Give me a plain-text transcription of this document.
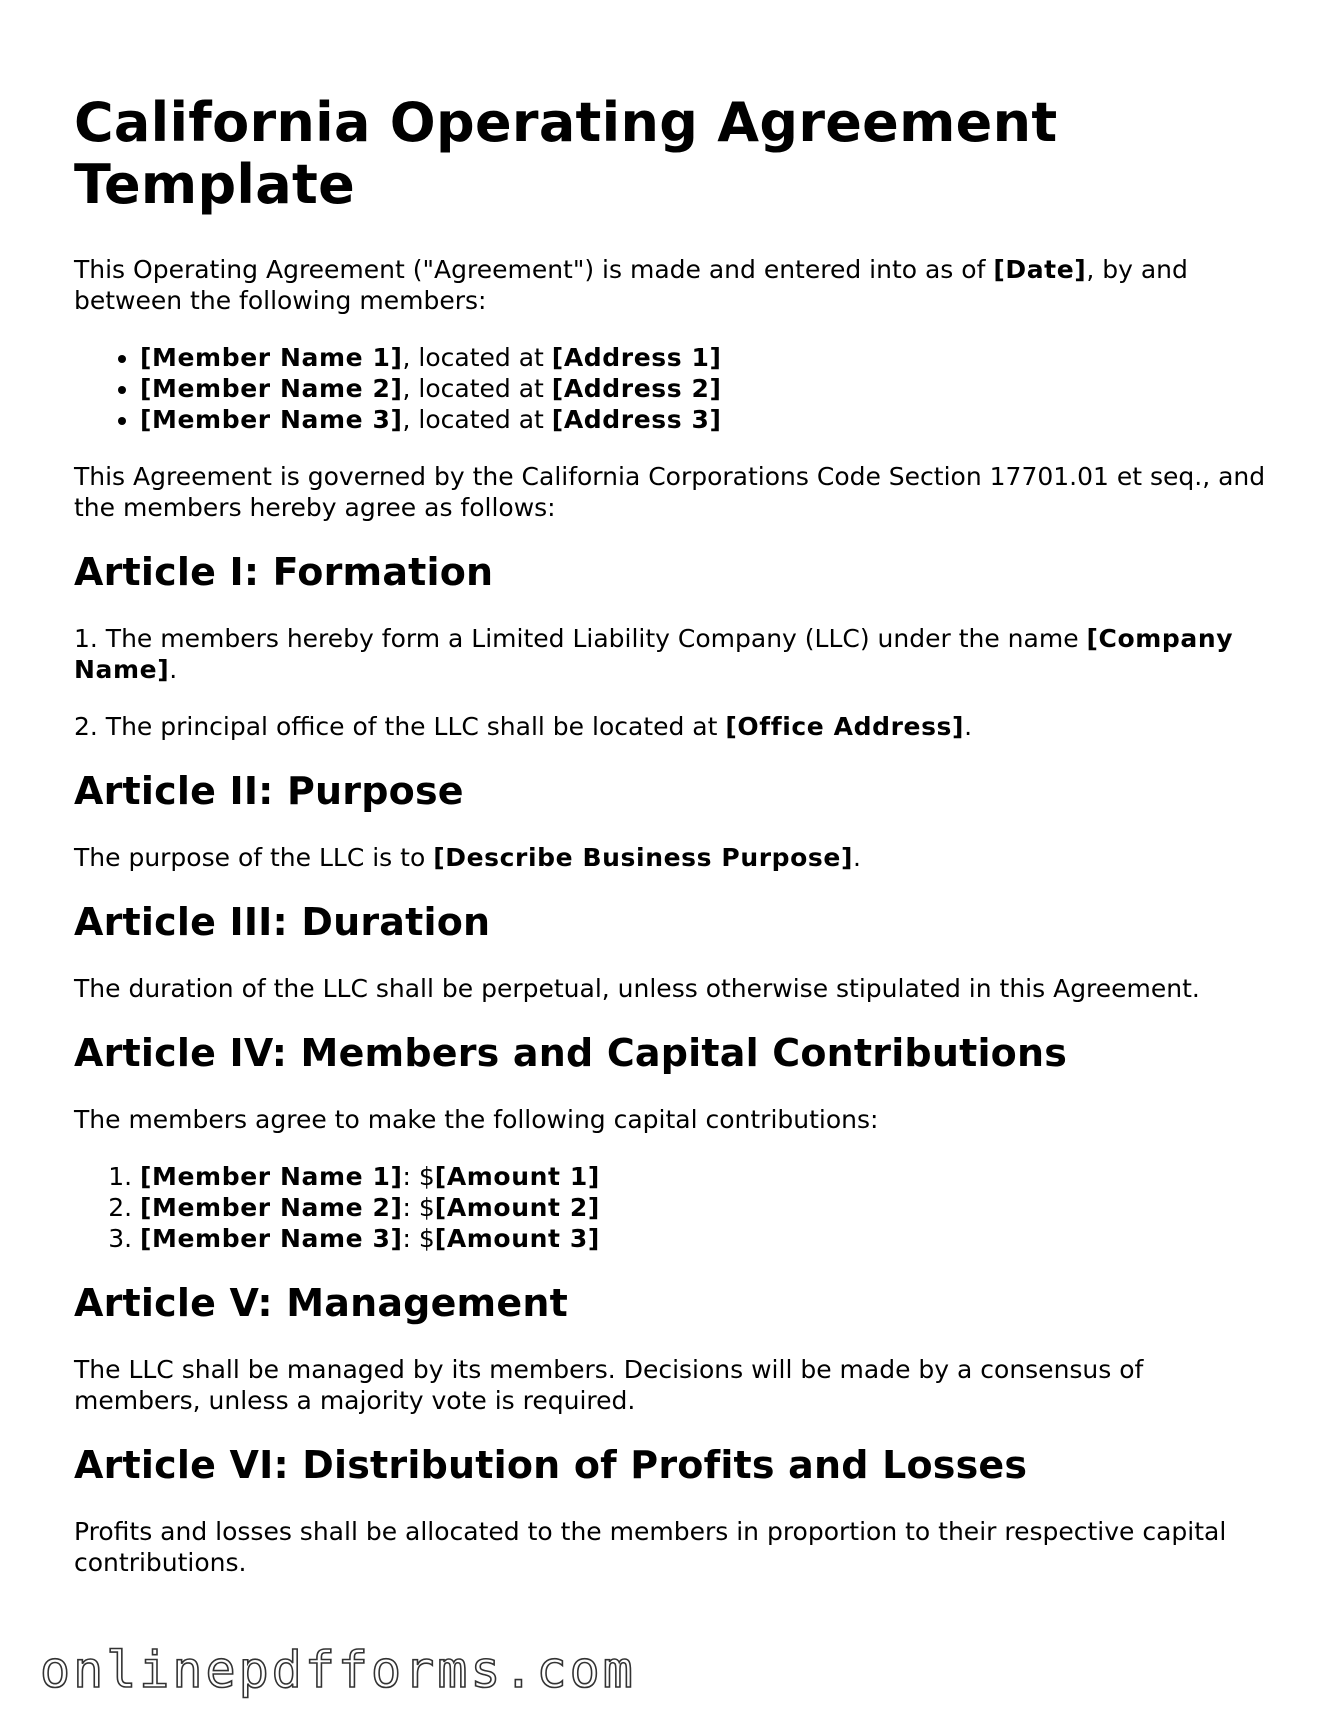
California Operating Agreement Template

This Operating Agreement ("Agreement") is made and entered into as of [Date], by and between the following members:

• [Member Name 1], located at [Address 1]
• [Member Name 2], located at [Address 2]
• [Member Name 3], located at [Address 3]

This Agreement is governed by the California Corporations Code Section 17701.01 et seq., and the members hereby agree as follows:

Article I: Formation

1. The members hereby form a Limited Liability Company (LLC) under the name [Company Name].

2. The principal office of the LLC shall be located at [Office Address].

Article II: Purpose

The purpose of the LLC is to [Describe Business Purpose].

Article III: Duration

The duration of the LLC shall be perpetual, unless otherwise stipulated in this Agreement.

Article IV: Members and Capital Contributions

The members agree to make the following capital contributions:

1. [Member Name 1]: $[Amount 1]
2. [Member Name 2]: $[Amount 2]
3. [Member Name 3]: $[Amount 3]
Article V: Management

The LLC shall be managed by its members. Decisions will be made by a consensus of members, unless a majority vote is required.

Article VI: Distribution of Profits and Losses

Profits and losses shall be allocated to the members in proportion to their respective capital contributions.

onlinepdfforms.com
